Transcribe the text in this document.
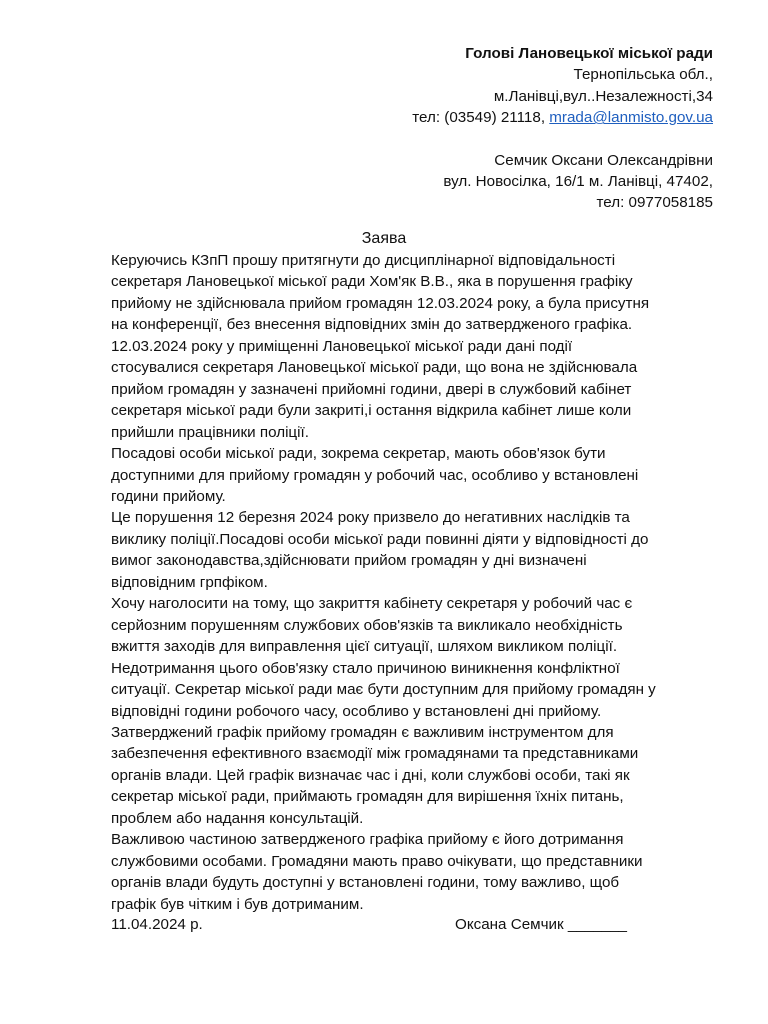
Голові Лановецької міської ради
Тернопільська обл.,
м.Ланівці,вул..Незалежності,34
тел: (03549) 21118, mrada@lanmisto.gov.ua
Семчик Оксани Олександрівни
вул. Новосілка, 16/1 м. Ланівці, 47402,
тел: 0977058185
Заява
Керуючись КЗпП прошу притягнути до дисциплінарної відповідальності
секретаря Лановецької міської ради Хом'як В.В., яка в порушення графіку
прийому не здійснювала прийом громадян 12.03.2024 року, а була присутня
на конференції, без внесення відповідних змін до затвердженого графіка.
12.03.2024 року у приміщенні Лановецької міської ради дані події
стосувалися секретаря Лановецької міської ради, що вона не здійснювала
прийом громадян у зазначені прийомні години, двері в службовий кабінет
секретаря міської ради були закриті,і остання відкрила кабінет лише коли
прийшли працівники поліції.
Посадові особи міської ради, зокрема секретар, мають обов'язок бути
доступними для прийому громадян у робочий час, особливо у встановлені
години прийому.
Це порушення 12 березня 2024 року призвело до негативних наслідків та
виклику поліції.Посадові особи міської ради повинні діяти у відповідності до
вимог законодавства,здійснювати прийом громадян у дні визначені
відповідним грпфіком.
Хочу наголосити на тому, що закриття кабінету секретаря у робочий час є
серйозним порушенням службових обов'язків та викликало необхідність
вжиття заходів для виправлення цієї ситуації, шляхом викликом поліції.
Недотримання цього обов'язку стало причиною виникнення конфліктної
ситуації. Секретар міської ради має бути доступним для прийому громадян у
відповідні години робочого часу, особливо у встановлені дні прийому.
Затверджений графік прийому громадян є важливим інструментом для
забезпечення ефективного взаємодії між громадянами та представниками
органів влади. Цей графік визначає час і дні, коли службові особи, такі як
секретар міської ради, приймають громадян для вирішення їхніх питань,
проблем або надання консультацій.
Важливою частиною затвердженого графіка прийому є його дотримання
службовими особами. Громадяни мають право очікувати, що представники
органів влади будуть доступні у встановлені години, тому важливо, щоб
графік був чітким і був дотриманим.
11.04.2024 р.	Оксана Семчик _______
